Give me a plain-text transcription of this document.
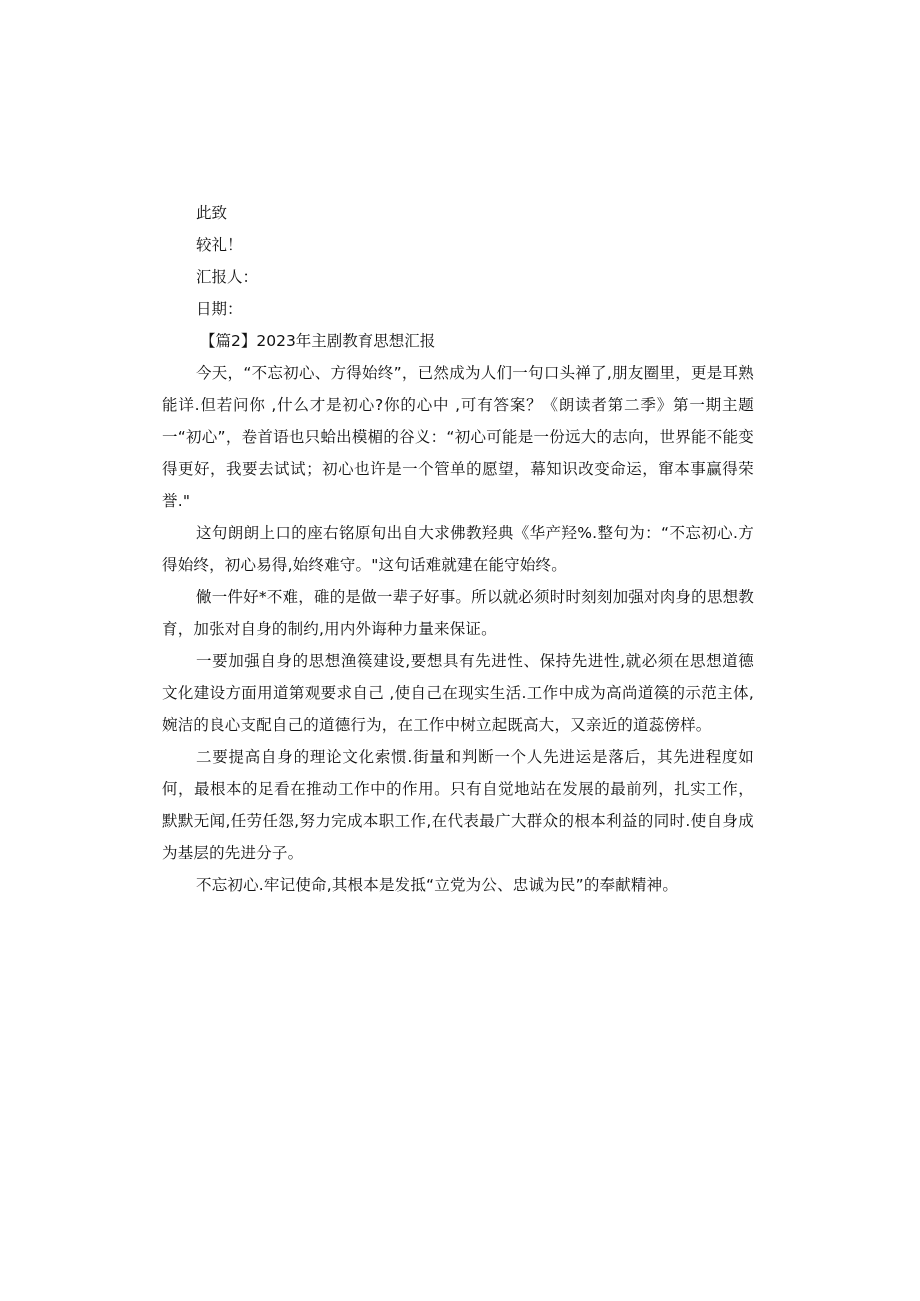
此致

较礼！

汇报人：

日期：

【篇2】2023年主剧教育思想汇报

今天，“不忘初心、方得始终”，已然成为人们一句口头禅了,朋友圈里，更是耳熟能详.但若问你 ,什么才是初心?你的心中 ,可有答案？《朗读者第二季》第一期主题一“初心”，卷首语也只蛤出模楣的谷义：“初心可能是一份远大的志向，世界能不能变得更好，我要去试试；初心也许是一个管单的愿望，幕知识改变命运，窜本事赢得荣誉."

这句朗朗上口的座右铭原旬出自大求佛教羟典《华产羟%.整句为：“不忘初心.方得始终，初心易得,始终难守。"这句话难就建在能守始终。

僘一件好*不难，碓的是做一辈子好事。所以就必须时时刻刻加强对肉身的思想教育，加张对自身的制约,用内外诲种力量来保证。

一要加强自身的思想渔篌建设,要想具有先进性、保持先进性,就必须在思想道德文化建设方面用道第观要求自己 ,使自己在现实生活.工作中成为高尚道篌的示范主体,婉洁的良心支配自己的道德行为，在工作中树立起既高大，又亲近的道蕊傍样。

二要提高自身的理论文化索惯.街量和判断一个人先进运是落后，其先进程度如何，最根本的足看在推动工作中的作用。只有自觉地站在发展的最前列，扎实工作，默默无闻,任劳任怨,努力完成本职工作,在代表最广大群众的根本利益的同时.使自身成为基层的先进分子。

不忘初心.牢记使命,其根本是发抵“立党为公、忠诚为民”的奉献精神。
